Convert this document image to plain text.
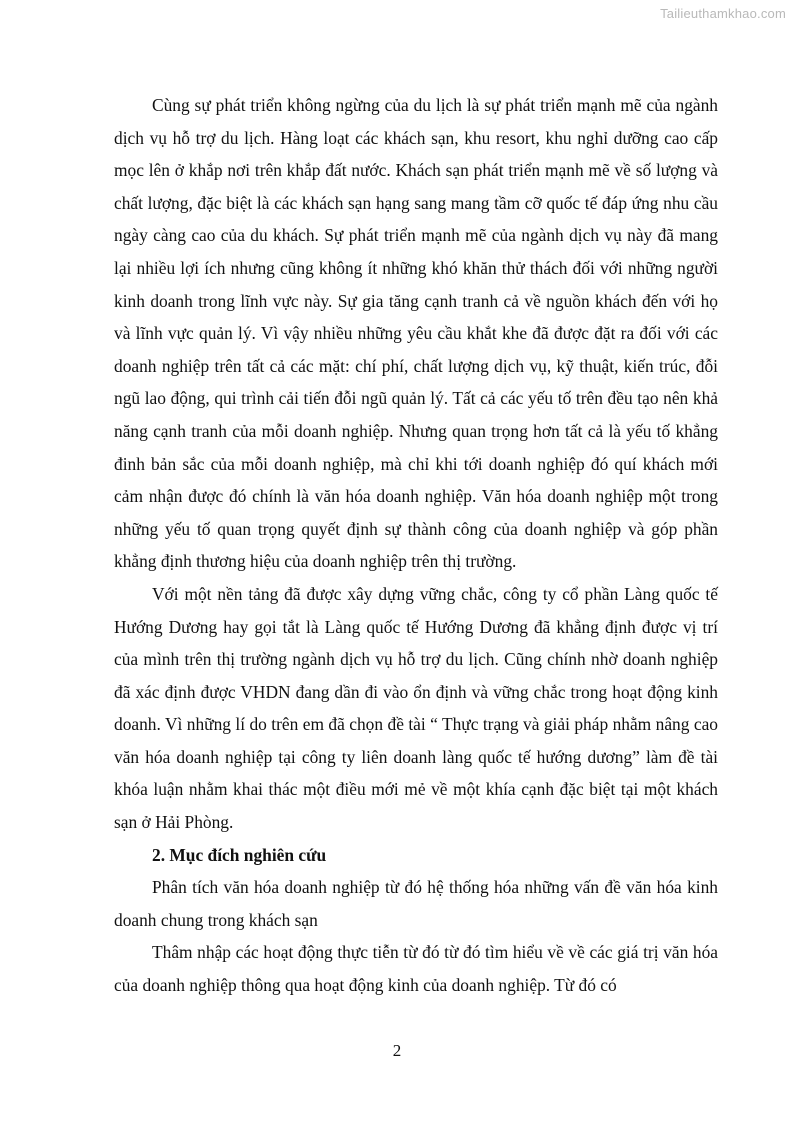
Tailieuthamkhao.com

Cùng sự phát triển không ngừng của du lịch là sự phát triển mạnh mẽ của ngành dịch vụ hỗ trợ du lịch. Hàng loạt các khách sạn, khu resort, khu nghỉ dưỡng cao cấp mọc lên ở khắp nơi trên khắp đất nước. Khách sạn phát triển mạnh mẽ về số lượng và chất lượng, đặc biệt là các khách sạn hạng sang mang tầm cỡ quốc tế đáp ứng nhu cầu ngày càng cao của du khách. Sự phát triển mạnh mẽ của ngành dịch vụ này đã mang lại nhiều lợi ích nhưng cũng không ít những khó khăn thử thách đối với những người kinh doanh trong lĩnh vực này. Sự gia tăng cạnh tranh cả về nguồn khách đến với họ và lĩnh vực quản lý. Vì vậy nhiều những yêu cầu khắt khe đã được đặt ra đối với các doanh nghiệp trên tất cả các mặt: chí phí, chất lượng dịch vụ, kỹ thuật, kiến trúc, đỗi ngũ lao động, qui trình cải tiến đỗi ngũ quản lý. Tất cả các yếu tố trên đều tạo nên khả năng cạnh tranh của mỗi doanh nghiệp. Nhưng quan trọng hơn tất cả là yếu tố khẳng đinh bản sắc của mỗi doanh nghiệp, mà chỉ khi tới doanh nghiệp đó quí khách mới cảm nhận được đó chính là văn hóa doanh nghiệp. Văn hóa doanh nghiệp một trong những yếu tố quan trọng quyết định sự thành công của doanh nghiệp và góp phần khẳng định thương hiệu của doanh nghiệp trên thị trường.

Với một nền tảng đã được xây dựng vững chắc, công ty cổ phần Làng quốc tế Hướng Dương hay gọi tắt là Làng quốc tế Hướng Dương đã khẳng định được vị trí của mình trên thị trường ngành dịch vụ hỗ trợ du lịch. Cũng chính nhờ doanh nghiệp đã xác định được VHDN đang dần đi vào ổn định và vững chắc trong hoạt động kinh doanh. Vì những lí do trên em đã chọn đề tài “ Thực trạng và giải pháp nhằm nâng cao văn hóa doanh nghiệp tại công ty liên doanh làng quốc tế hướng dương” làm đề tài khóa luận nhằm khai thác một điều mới mẻ về một khía cạnh đặc biệt tại một khách sạn ở Hải Phòng.

2. Mục đích nghiên cứu

Phân tích văn hóa doanh nghiệp từ đó hệ thống hóa những vấn đề văn hóa kinh doanh chung trong khách sạn

Thâm nhập các hoạt động thực tiễn từ đó từ đó tìm hiểu về về các giá trị văn hóa của doanh nghiệp thông qua hoạt động kinh của doanh nghiệp. Từ đó có

2
